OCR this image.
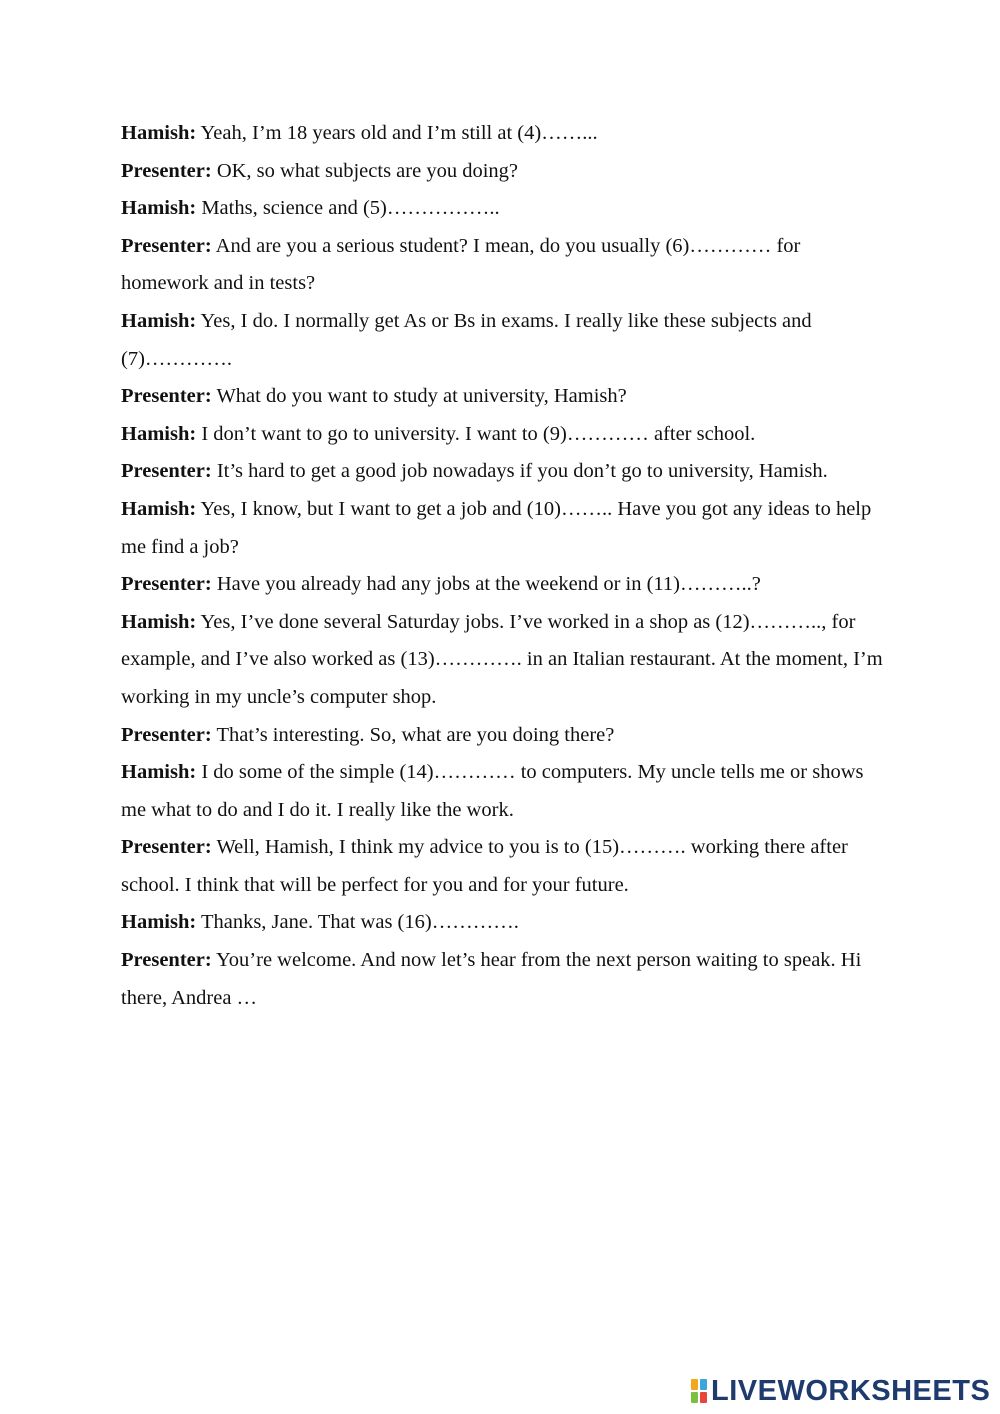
Hamish: Yeah, I’m 18 years old and I’m still at (4)……...

Presenter: OK, so what subjects are you doing?

Hamish: Maths, science and (5)……………..

Presenter: And are you a serious student? I mean, do you usually (6)………… for homework and in tests?

Hamish: Yes, I do. I normally get As or Bs in exams. I really like these subjects and (7)………….

Presenter: What do you want to study at university, Hamish?

Hamish: I don’t want to go to university. I want to (9)………… after school.

Presenter: It’s hard to get a good job nowadays if you don’t go to university, Hamish.

Hamish: Yes, I know, but I want to get a job and (10)…….. Have you got any ideas to help me find a job?

Presenter: Have you already had any jobs at the weekend or in (11)………..?

Hamish: Yes, I’ve done several Saturday jobs. I’ve worked in a shop as (12)……….., for example, and I’ve also worked as (13)…………. in an Italian restaurant. At the moment, I’m working in my uncle’s computer shop.

Presenter: That’s interesting. So, what are you doing there?

Hamish: I do some of the simple (14)………… to computers. My uncle tells me or shows me what to do and I do it. I really like the work.

Presenter: Well, Hamish, I think my advice to you is to (15)………. working there after school. I think that will be perfect for you and for your future.

Hamish: Thanks, Jane. That was (16)………….

Presenter: You’re welcome. And now let’s hear from the next person waiting to speak. Hi there, Andrea …

LIVEWORKSHEETS
